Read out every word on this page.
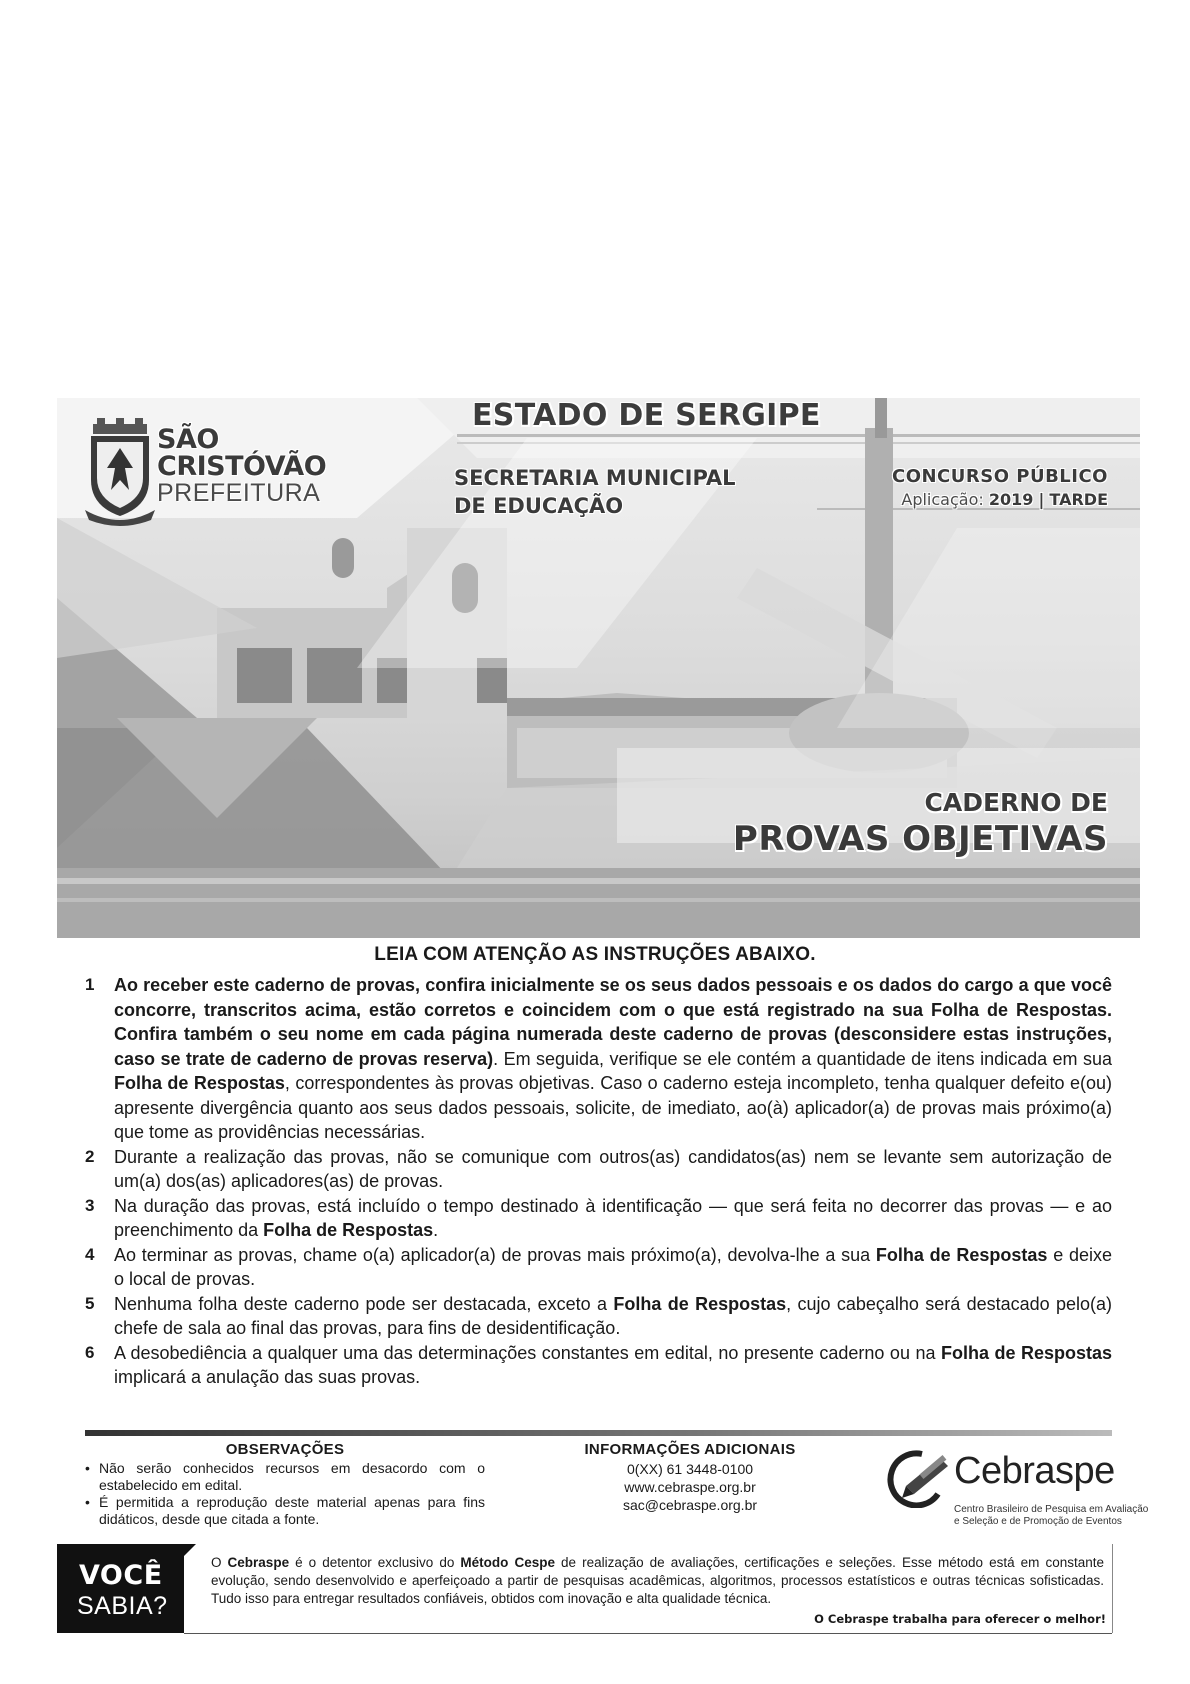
SÃO
CRISTÓVÃO
PREFEITURA
ESTADO DE SERGIPE
SECRETARIA MUNICIPAL
DE EDUCAÇÃO
CONCURSO PÚBLICO
Aplicação: 2019 | TARDE
CADERNO DE
PROVAS OBJETIVAS
LEIA COM ATENÇÃO AS INSTRUÇÕES ABAIXO.
1 Ao receber este caderno de provas, confira inicialmente se os seus dados pessoais e os dados do cargo a que você concorre, transcritos acima, estão corretos e coincidem com o que está registrado na sua Folha de Respostas. Confira também o seu nome em cada página numerada deste caderno de provas (desconsidere estas instruções, caso se trate de caderno de provas reserva). Em seguida, verifique se ele contém a quantidade de itens indicada em sua Folha de Respostas, correspondentes às provas objetivas. Caso o caderno esteja incompleto, tenha qualquer defeito e(ou) apresente divergência quanto aos seus dados pessoais, solicite, de imediato, ao(à) aplicador(a) de provas mais próximo(a) que tome as providências necessárias.

2 Durante a realização das provas, não se comunique com outros(as) candidatos(as) nem se levante sem autorização de um(a) dos(as) aplicadores(as) de provas.

3 Na duração das provas, está incluído o tempo destinado à identificação — que será feita no decorrer das provas — e ao preenchimento da Folha de Respostas.

4 Ao terminar as provas, chame o(a) aplicador(a) de provas mais próximo(a), devolva-lhe a sua Folha de Respostas e deixe o local de provas.

5 Nenhuma folha deste caderno pode ser destacada, exceto a Folha de Respostas, cujo cabeçalho será destacado pelo(a) chefe de sala ao final das provas, para fins de desidentificação.

6 A desobediência a qualquer uma das determinações constantes em edital, no presente caderno ou na Folha de Respostas implicará a anulação das suas provas.

OBSERVAÇÕES
• Não serão conhecidos recursos em desacordo com o estabelecido em edital.
• É permitida a reprodução deste material apenas para fins didáticos, desde que citada a fonte.
INFORMAÇÕES ADICIONAIS
0(XX) 61 3448-0100
www.cebraspe.org.br
sac@cebraspe.org.br
Cebraspe
Centro Brasileiro de Pesquisa em Avaliação
e Seleção e de Promoção de Eventos
VOCÊ
SABIA?
O Cebraspe é o detentor exclusivo do Método Cespe de realização de avaliações, certificações e seleções. Esse método está em constante evolução, sendo desenvolvido e aperfeiçoado a partir de pesquisas acadêmicas, algoritmos, processos estatísticos e outras técnicas sofisticadas. Tudo isso para entregar resultados confiáveis, obtidos com inovação e alta qualidade técnica.
O Cebraspe trabalha para oferecer o melhor!
